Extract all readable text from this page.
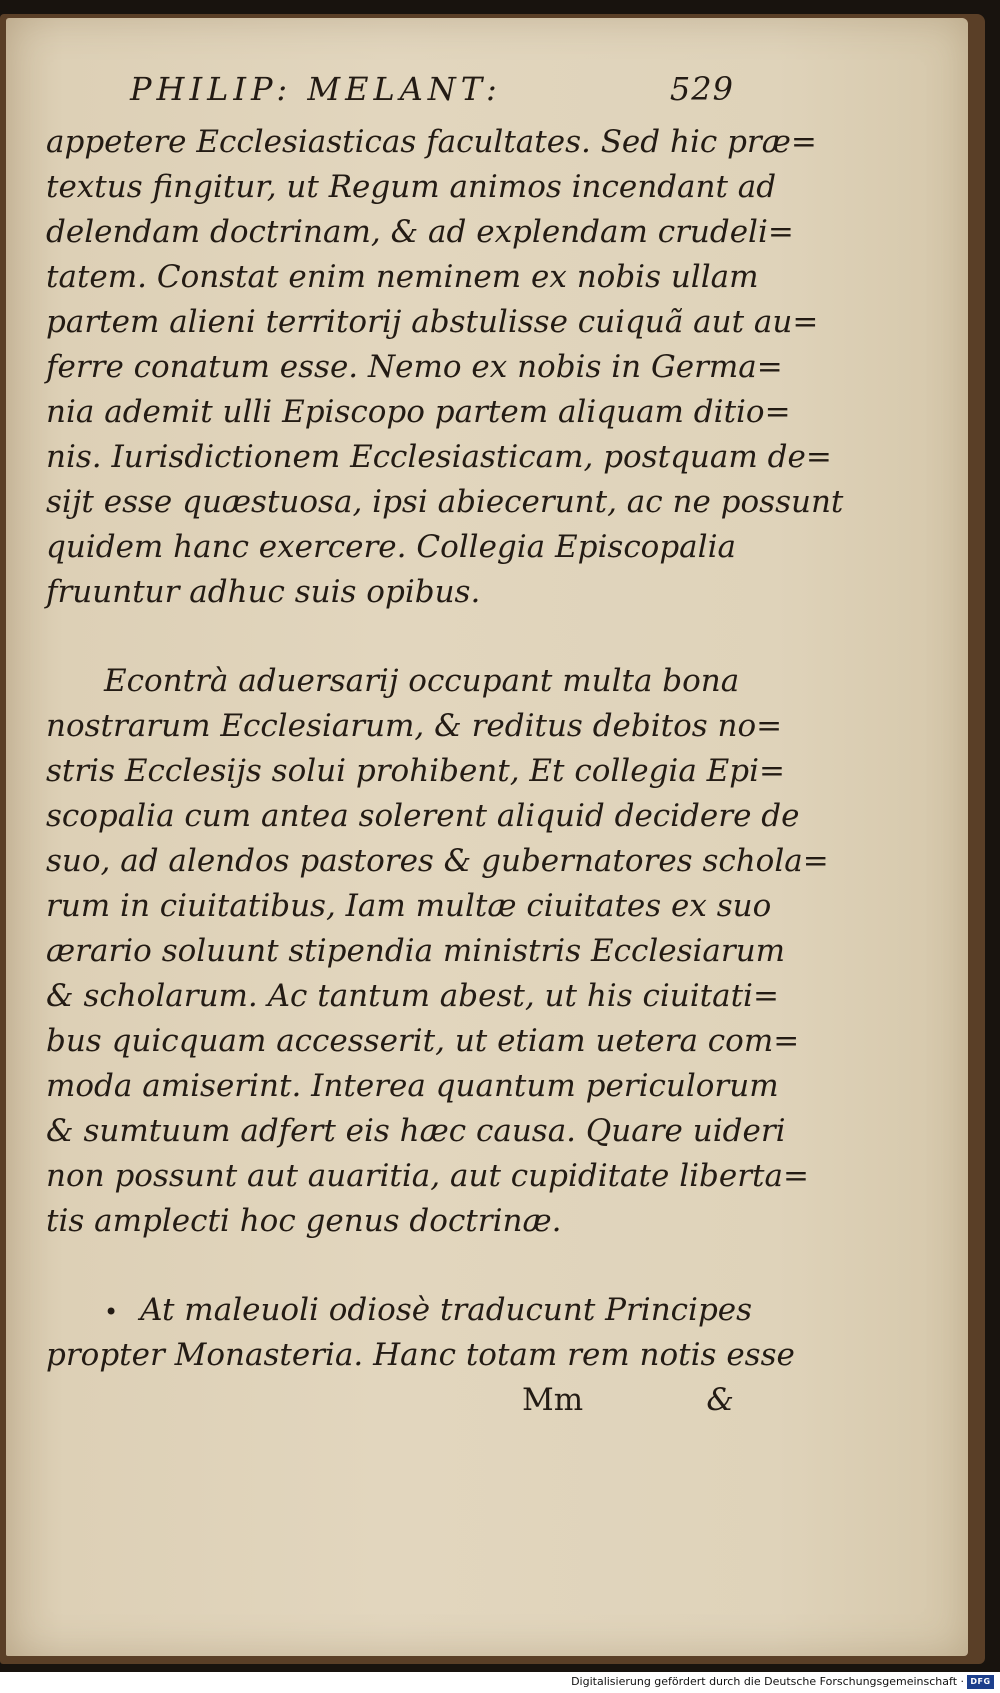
PHILIP: MELANT:	529
appetere Ecclesiasticas facultates. Sed hic præ=
textus fingitur, ut Regum animos incendant ad
delendam doctrinam, & ad explendam crudeli=
tatem. Constat enim neminem ex nobis ullam
partem alieni territorij abstulisse cuiquã aut au=
ferre conatum esse. Nemo ex nobis in Germa=
nia ademit ulli Episcopo partem aliquam ditio=
nis. Iurisdictionem Ecclesiasticam, postquam de=
sijt esse quæstuosa, ipsi abiecerunt, ac ne possunt
quidem hanc exercere. Collegia Episcopalia
fruuntur adhuc suis opibus.
Econtrà aduersarij occupant multa bona
nostrarum Ecclesiarum, & reditus debitos no=
stris Ecclesijs solui prohibent, Et collegia Epi=
scopalia cum antea solerent aliquid decidere de
suo, ad alendos pastores & gubernatores schola=
rum in ciuitatibus, Iam multæ ciuitates ex suo
ærario soluunt stipendia ministris Ecclesiarum
& scholarum. Ac tantum abest, ut his ciuitati=
bus quicquam accesserit, ut etiam uetera com=
moda amiserint. Interea quantum periculorum
& sumtuum adfert eis hæc causa. Quare uideri
non possunt aut auaritia, aut cupiditate liberta=
tis amplecti hoc genus doctrinæ.
• At maleuoli odiosè traducunt Principes
propter Monasteria. Hanc totam rem notis esse
Mm	&
Digitalisierung gefördert durch die Deutsche Forschungsgemeinschaft · DFG
